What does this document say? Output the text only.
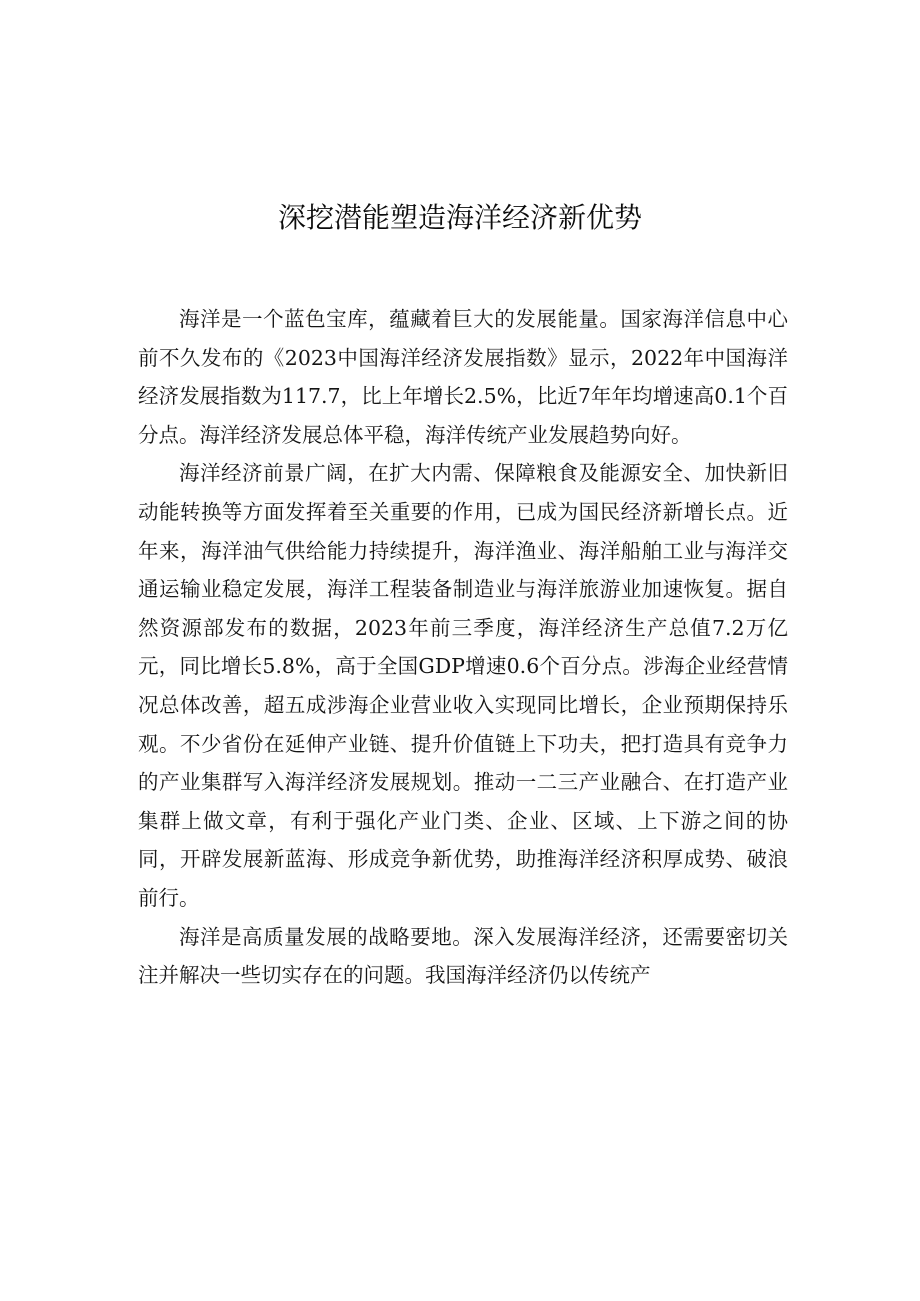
深挖潜能塑造海洋经济新优势

海洋是一个蓝色宝库，蕴藏着巨大的发展能量。国家海洋信息中心前不久发布的《2023中国海洋经济发展指数》显示，2022年中国海洋经济发展指数为117.7，比上年增长2.5%，比近7年年均增速高0.1个百分点。海洋经济发展总体平稳，海洋传统产业发展趋势向好。

海洋经济前景广阔，在扩大内需、保障粮食及能源安全、加快新旧动能转换等方面发挥着至关重要的作用，已成为国民经济新增长点。近年来，海洋油气供给能力持续提升，海洋渔业、海洋船舶工业与海洋交通运输业稳定发展，海洋工程装备制造业与海洋旅游业加速恢复。据自然资源部发布的数据，2023年前三季度，海洋经济生产总值7.2万亿元，同比增长5.8%，高于全国GDP增速0.6个百分点。涉海企业经营情况总体改善，超五成涉海企业营业收入实现同比增长，企业预期保持乐观。不少省份在延伸产业链、提升价值链上下功夫，把打造具有竞争力的产业集群写入海洋经济发展规划。推动一二三产业融合、在打造产业集群上做文章，有利于强化产业门类、企业、区域、上下游之间的协同，开辟发展新蓝海、形成竞争新优势，助推海洋经济积厚成势、破浪前行。

海洋是高质量发展的战略要地。深入发展海洋经济，还需要密切关注并解决一些切实存在的问题。我国海洋经济仍以传统产
